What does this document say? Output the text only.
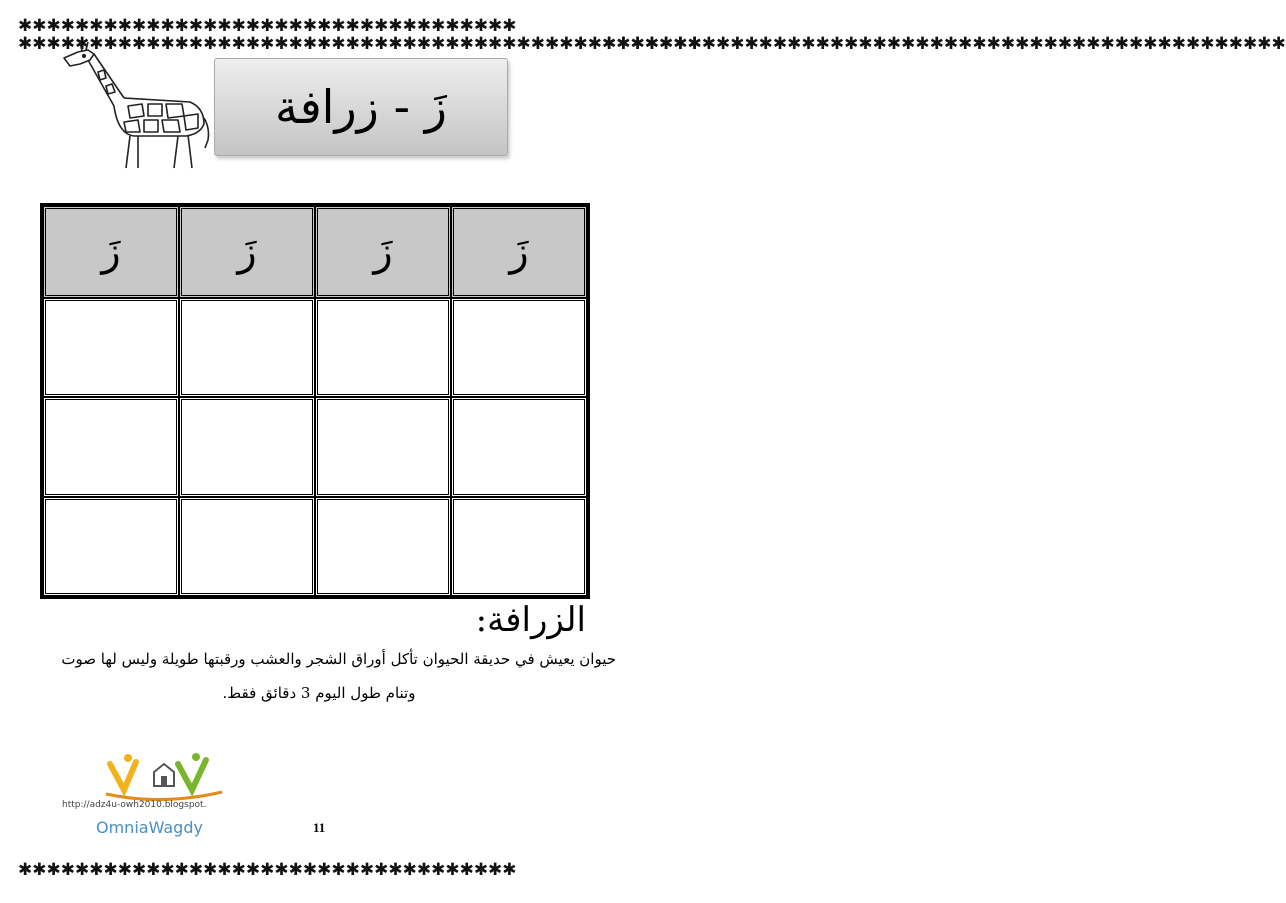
✱✱✱✱✱✱✱✱✱✱✱✱✱✱✱✱✱✱✱✱✱✱✱✱✱✱✱✱✱✱✱✱✱✱✱
✱✱✱✱✱✱✱✱✱✱✱✱✱✱✱✱✱✱✱✱✱✱✱✱✱✱✱✱✱✱✱✱✱✱✱
✱✱✱✱✱✱✱✱✱✱✱✱✱✱✱✱✱✱✱✱✱✱✱✱✱✱✱✱✱✱✱✱✱✱✱✱✱✱✱✱✱✱✱✱✱✱✱✱
✱✱✱✱✱✱✱✱✱✱✱✱✱✱✱✱✱✱✱✱✱✱✱✱✱✱✱✱✱✱✱✱✱✱✱✱✱✱✱✱✱✱✱✱✱✱✱✱
زَ - زرافة
زَ	زَ	زَ	زَ

الزرافة:
حيوان يعيش في حديقة الحيوان تأكل أوراق الشجر والعشب ورقبتها طويلة وليس لها صوت
وتنام طول اليوم 3 دقائق فقط.
http://adz4u-owh2010.blogspot.
OmniaWagdy	11
